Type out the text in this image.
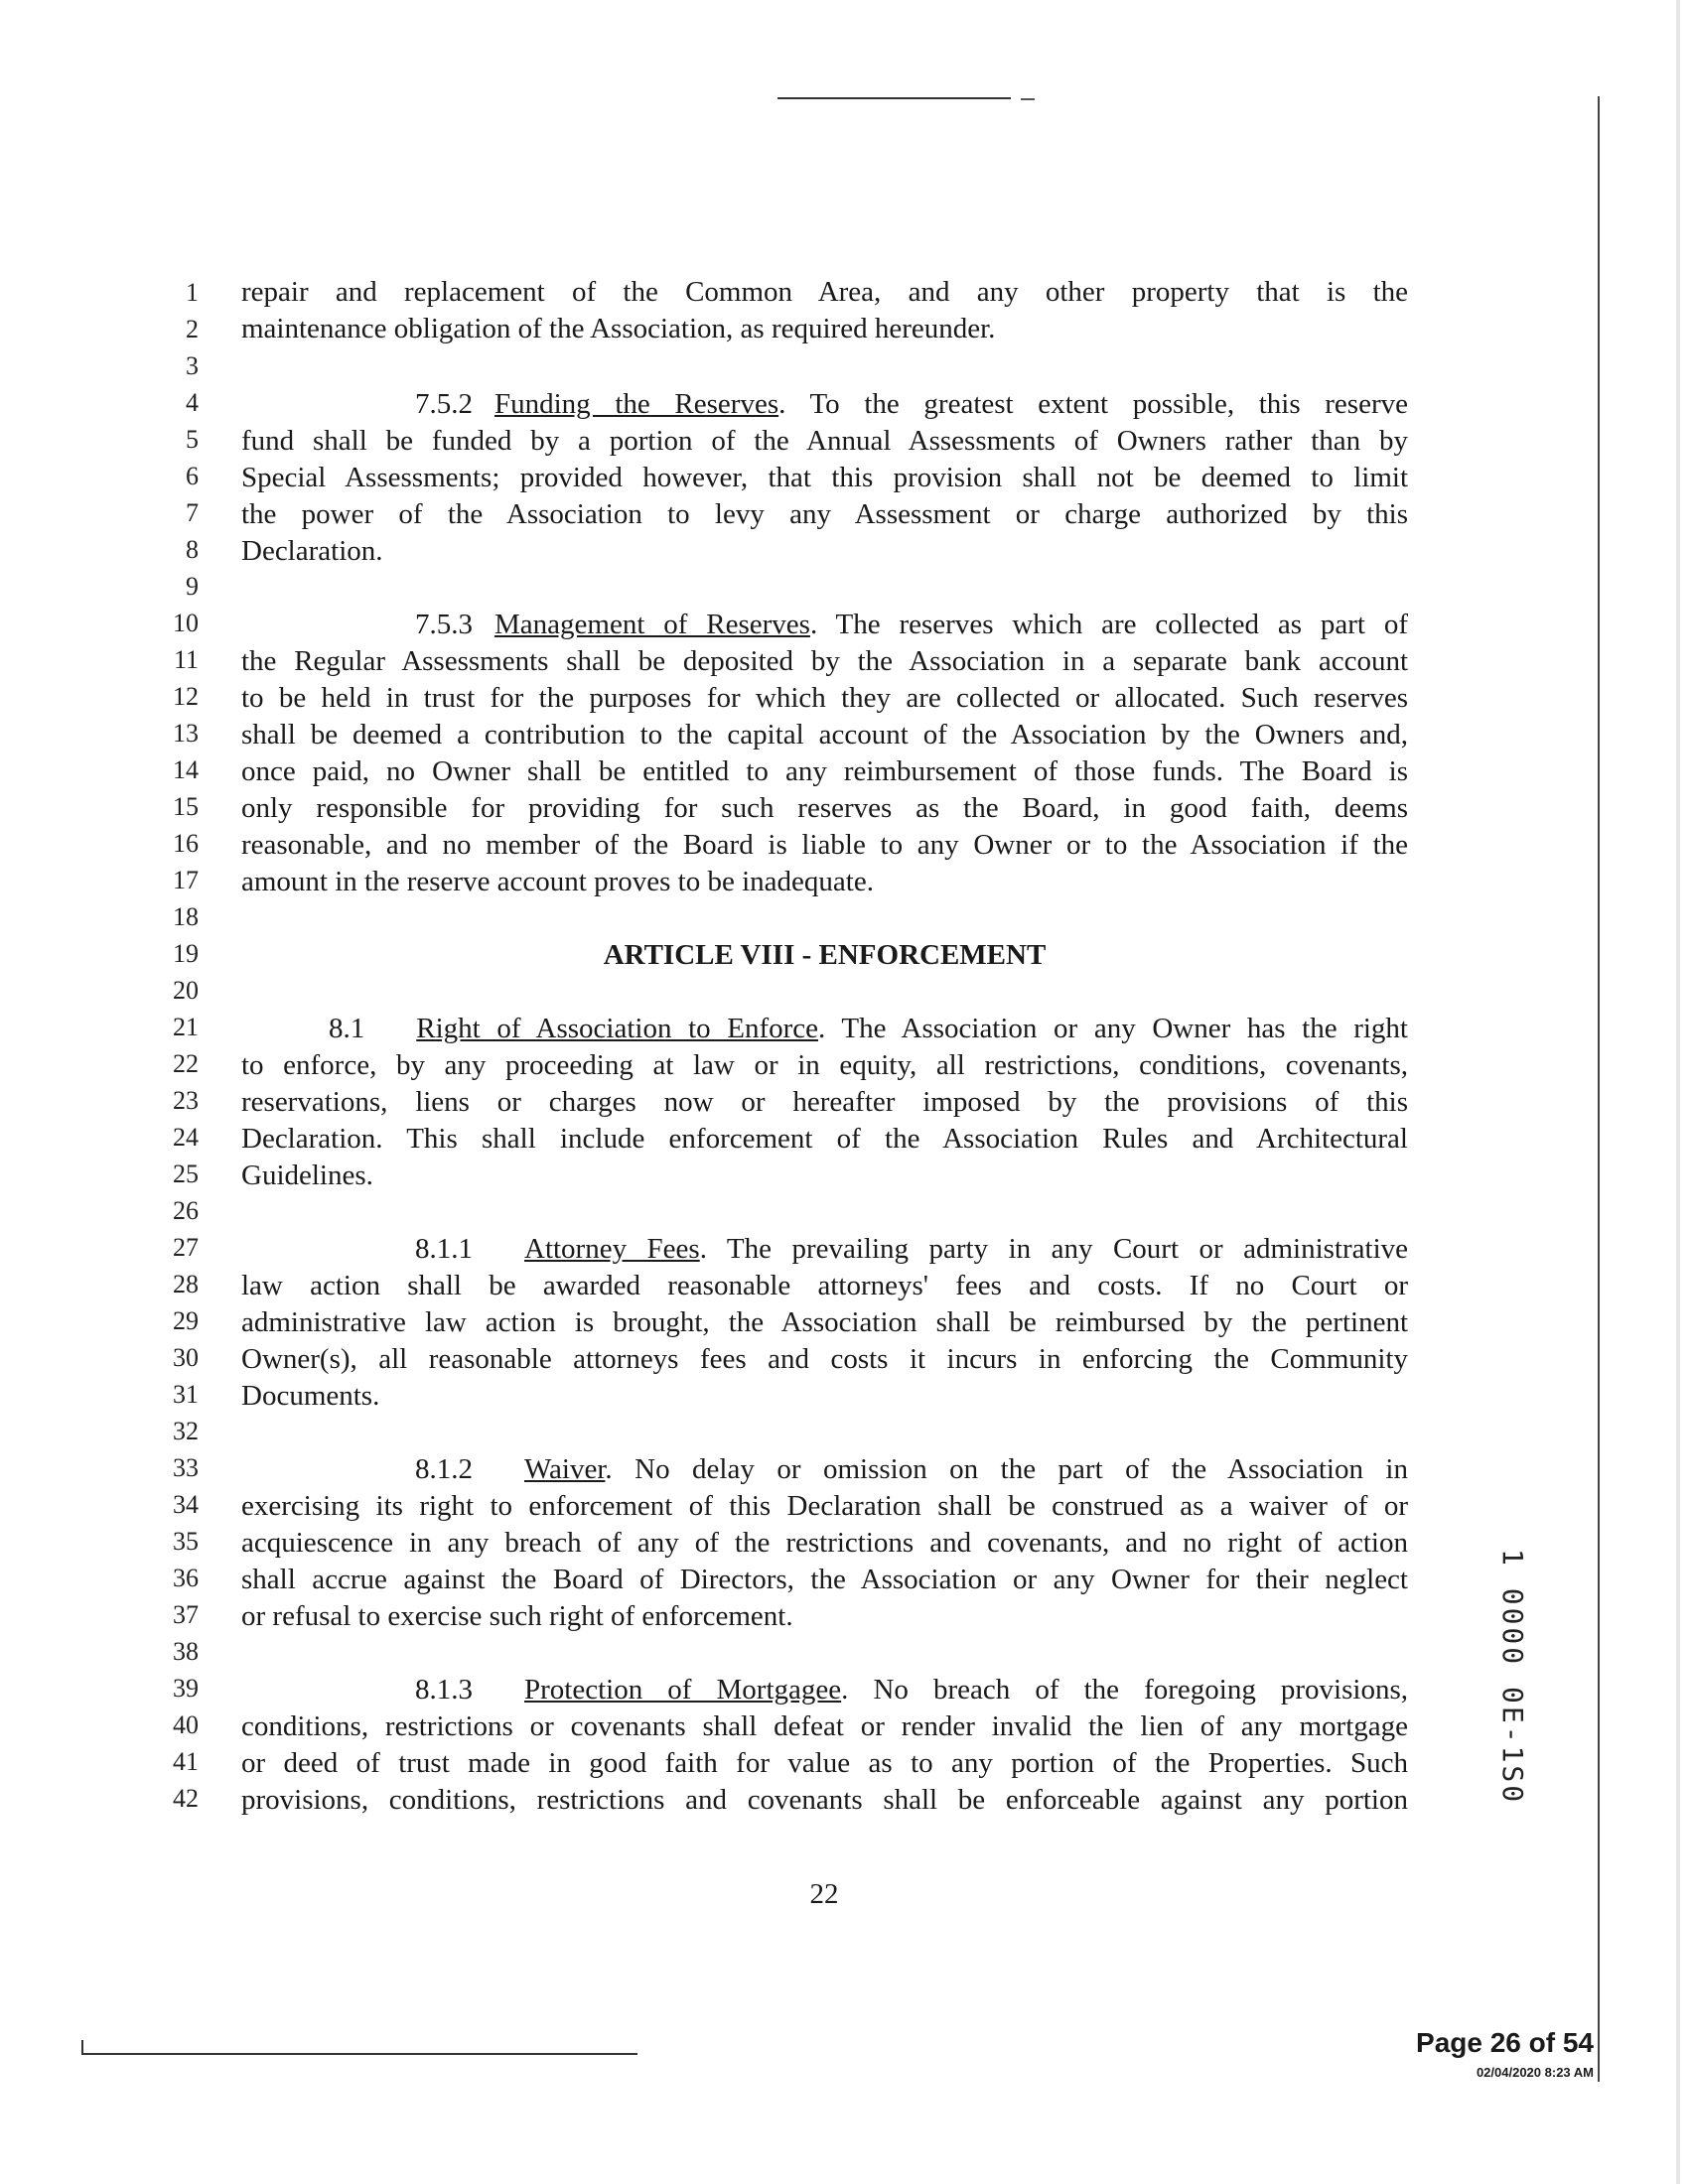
1
2
3
4
5
6
7
8
9
10
11
12
13
14
15
16
17
18
19
20
21
22
23
24
25
26
27
28
29
30
31
32
33
34
35
36
37
38
39
40
41
42
repair and replacement of the Common Area, and any other property that is the
maintenance obligation of the Association, as required hereunder.
7.5.2 Funding the Reserves. To the greatest extent possible, this reserve
fund shall be funded by a portion of the Annual Assessments of Owners rather than by
Special Assessments; provided however, that this provision shall not be deemed to limit
the power of the Association to levy any Assessment or charge authorized by this
Declaration.
7.5.3 Management of Reserves. The reserves which are collected as part of
the Regular Assessments shall be deposited by the Association in a separate bank account
to be held in trust for the purposes for which they are collected or allocated. Such reserves
shall be deemed a contribution to the capital account of the Association by the Owners and,
once paid, no Owner shall be entitled to any reimbursement of those funds. The Board is
only responsible for providing for such reserves as the Board, in good faith, deems
reasonable, and no member of the Board is liable to any Owner or to the Association if the
amount in the reserve account proves to be inadequate.
ARTICLE VIII - ENFORCEMENT
8.1 Right of Association to Enforce. The Association or any Owner has the right
to enforce, by any proceeding at law or in equity, all restrictions, conditions, covenants,
reservations, liens or charges now or hereafter imposed by the provisions of this
Declaration. This shall include enforcement of the Association Rules and Architectural
Guidelines.
8.1.1 Attorney Fees. The prevailing party in any Court or administrative
law action shall be awarded reasonable attorneys' fees and costs. If no Court or
administrative law action is brought, the Association shall be reimbursed by the pertinent
Owner(s), all reasonable attorneys fees and costs it incurs in enforcing the Community
Documents.
8.1.2 Waiver. No delay or omission on the part of the Association in
exercising its right to enforcement of this Declaration shall be construed as a waiver of or
acquiescence in any breach of any of the restrictions and covenants, and no right of action
shall accrue against the Board of Directors, the Association or any Owner for their neglect
or refusal to exercise such right of enforcement.
8.1.3 Protection of Mortgagee. No breach of the foregoing provisions,
conditions, restrictions or covenants shall defeat or render invalid the lien of any mortgage
or deed of trust made in good faith for value as to any portion of the Properties. Such
provisions, conditions, restrictions and covenants shall be enforceable against any portion
22
1 0000 0E-1S0
Page 26 of 54
02/04/2020 8:23 AM
